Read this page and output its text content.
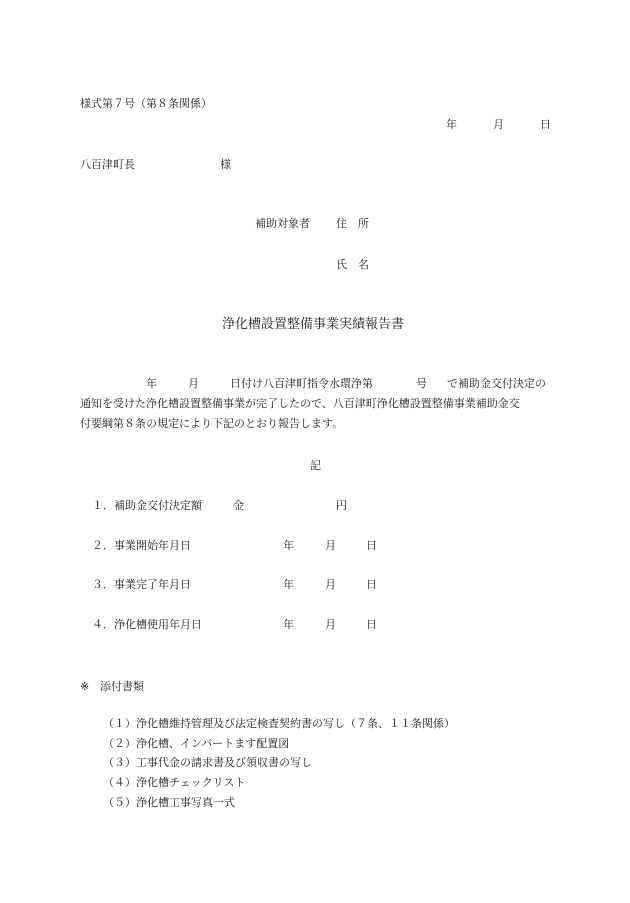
様式第７号（第８条関係）
年	月	日
八百津町長	様
補助対象者 住　所
氏　名
浄化槽設置整備事業実績報告書
年	月	日付け八百津町指令水環浄第	号 で補助金交付決定の
通知を受けた浄化槽設置整備事業が完了したので、八百津町浄化槽設置整備事業補助金交
付要綱第８条の規定により下記のとおり報告します。
記
１．補助金交付決定額	金	円
２．事業開始年月日	年	月	日
３．事業完了年月日	年	月	日
４．浄化槽使用年月日	年	月	日
※ 添付書類
（１）浄化槽維持管理及び法定検査契約書の写し（７条、１１条関係）
（２）浄化槽、インバートます配置図
（３）工事代金の請求書及び領収書の写し
（４）浄化槽チェックリスト
（５）浄化槽工事写真一式
